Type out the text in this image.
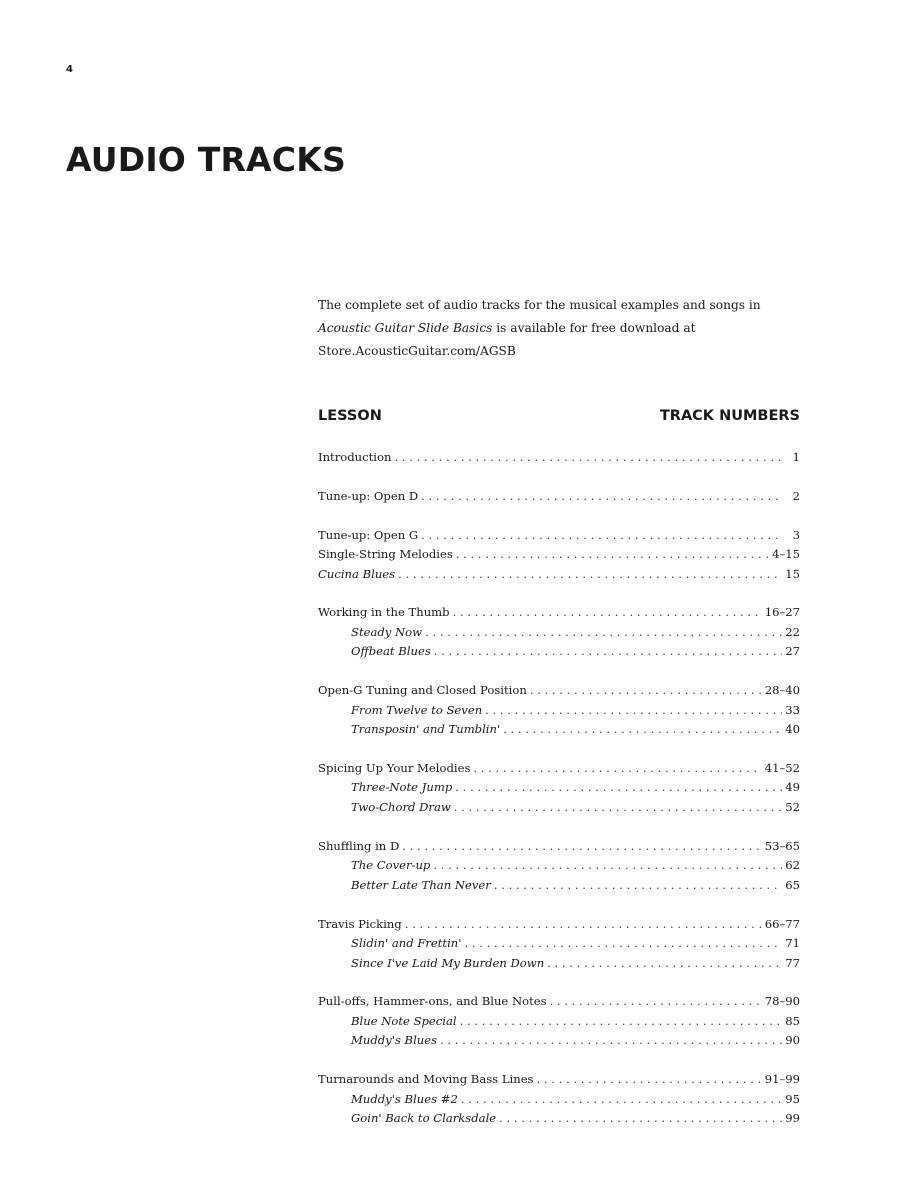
4
AUDIO TRACKS

The complete set of audio tracks for the musical examples and songs in Acoustic Guitar Slide Basics is available for free download at Store.AcousticGuitar.com/AGSB

LESSON	TRACK NUMBERS
Introduction . . .	1
Tune-up: Open D . . .	2
Tune-up: Open G . . .	3
Single-String Melodies . . .	4–15
Cucina Blues . . .	15
Working in the Thumb . . .	16–27
Steady Now . . .	22
Offbeat Blues . . .	27
Open-G Tuning and Closed Position . . .	28–40
From Twelve to Seven . . .	33
Transposin' and Tumblin' . . .	40
Spicing Up Your Melodies . . .	41–52
Three-Note Jump . . .	49
Two-Chord Draw . . .	52
Shuffling in D . . .	53–65
The Cover-up . . .	62
Better Late Than Never . . .	65
Travis Picking . . .	66–77
Slidin' and Frettin' . . .	71
Since I've Laid My Burden Down . . .	77
Pull-offs, Hammer-ons, and Blue Notes . . .	78–90
Blue Note Special . . .	85
Muddy's Blues . . .	90
Turnarounds and Moving Bass Lines . . .	91–99
Muddy's Blues #2 . . .	95
Goin' Back to Clarksdale . . .	99
